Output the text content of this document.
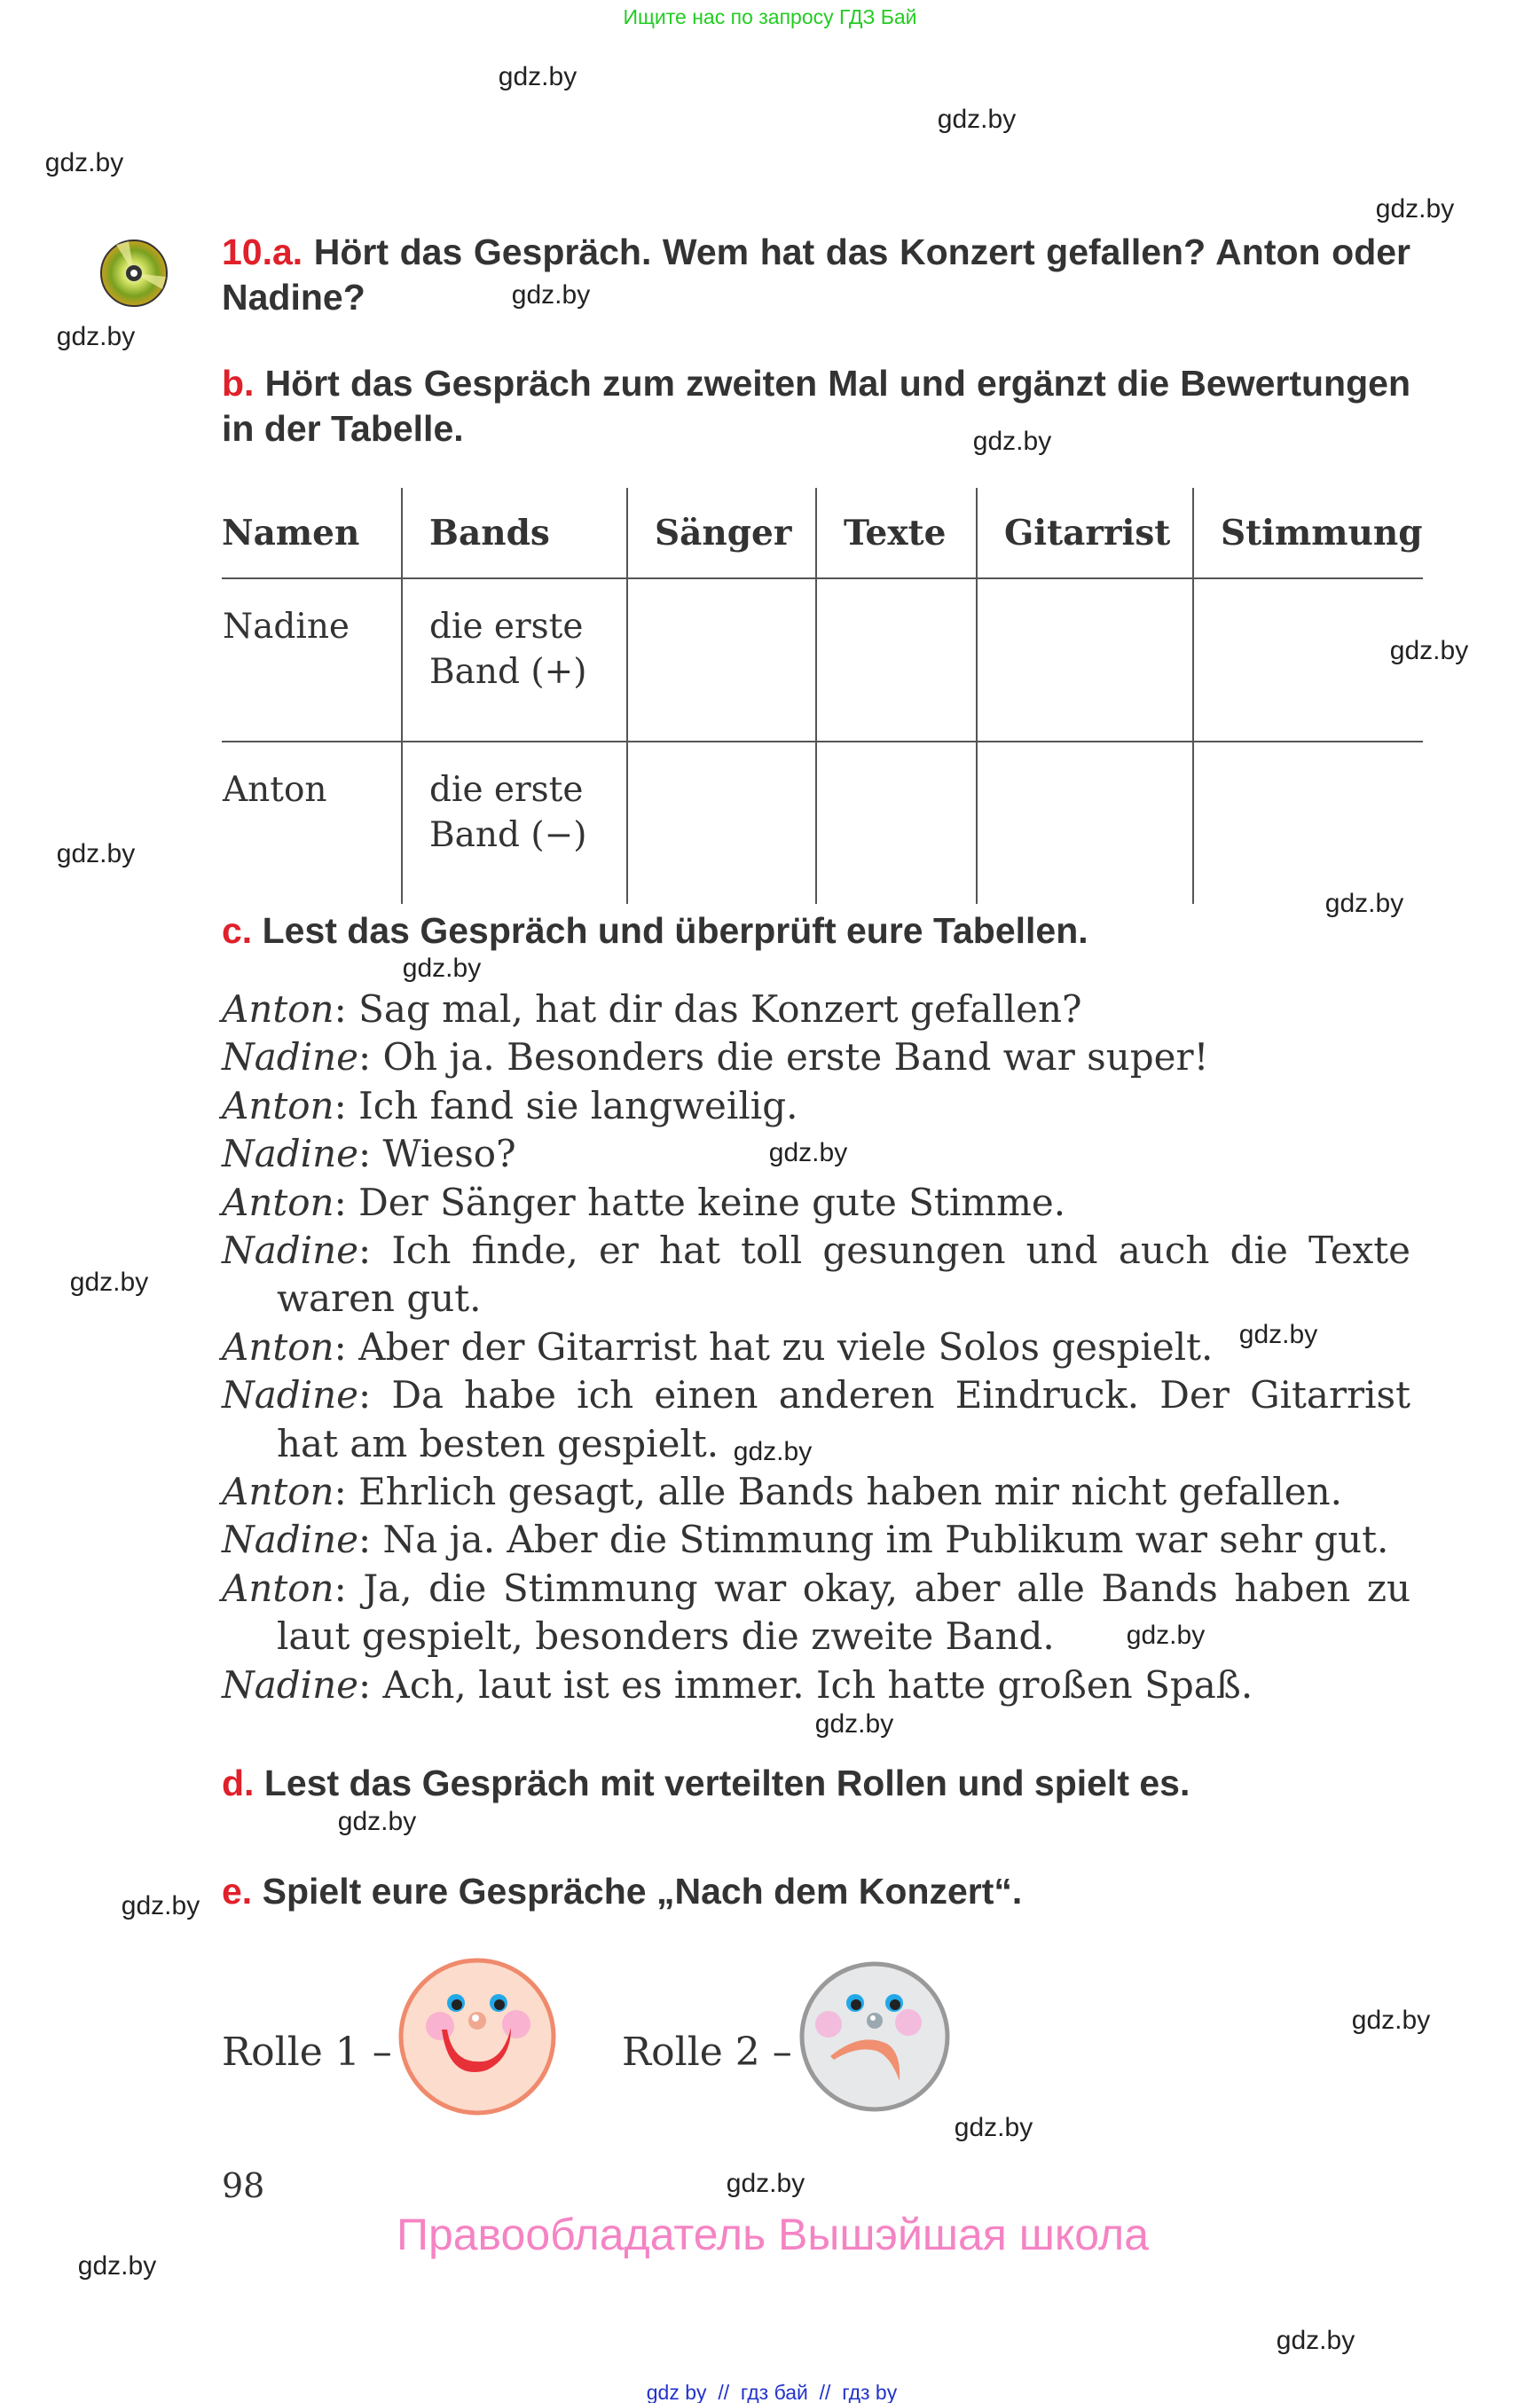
Ищите нас по запросу ГДЗ Бай
10.a. Hört das Gespräch. Wem hat das Konzert gefallen? Anton oder Nadine?
b. Hört das Gespräch zum zweiten Mal und ergänzt die Bewertungen in der Tabelle.
Namen	Bands	Sänger	Texte	Gitarrist	Stimmung
Nadine	die erste Band (+)				
Anton	die erste Band (−)				
c. Lest das Gespräch und überprüft eure Tabellen.
Anton: Sag mal, hat dir das Konzert gefallen?
Nadine: Oh ja. Besonders die erste Band war super!
Anton: Ich fand sie langweilig.
Nadine: Wieso?
Anton: Der Sänger hatte keine gute Stimme.
Nadine: Ich finde, er hat toll gesungen und auch die Texte waren gut.
Anton: Aber der Gitarrist hat zu viele Solos gespielt.
Nadine: Da habe ich einen anderen Eindruck. Der Gitarrist hat am besten gespielt.
Anton: Ehrlich gesagt, alle Bands haben mir nicht gefallen.
Nadine: Na ja. Aber die Stimmung im Publikum war sehr gut.
Anton: Ja, die Stimmung war okay, aber alle Bands haben zu laut gespielt, besonders die zweite Band.
Nadine: Ach, laut ist es immer. Ich hatte großen Spaß.
d. Lest das Gespräch mit verteilten Rollen und spielt es.
e. Spielt eure Gespräche „Nach dem Konzert“.
Rolle 1 –	Rolle 2 –
98
Правообладатель Вышэйшая школа
gdz by // гдз бай // гдз by
gdz.by
gdz.by
gdz.by
gdz.by
gdz.by
gdz.by
gdz.by
gdz.by
gdz.by
gdz.by
gdz.by
gdz.by
gdz.by
gdz.by
gdz.by
gdz.by
gdz.by
gdz.by
gdz.by
gdz.by
gdz.by
gdz.by
gdz.by
gdz.by
